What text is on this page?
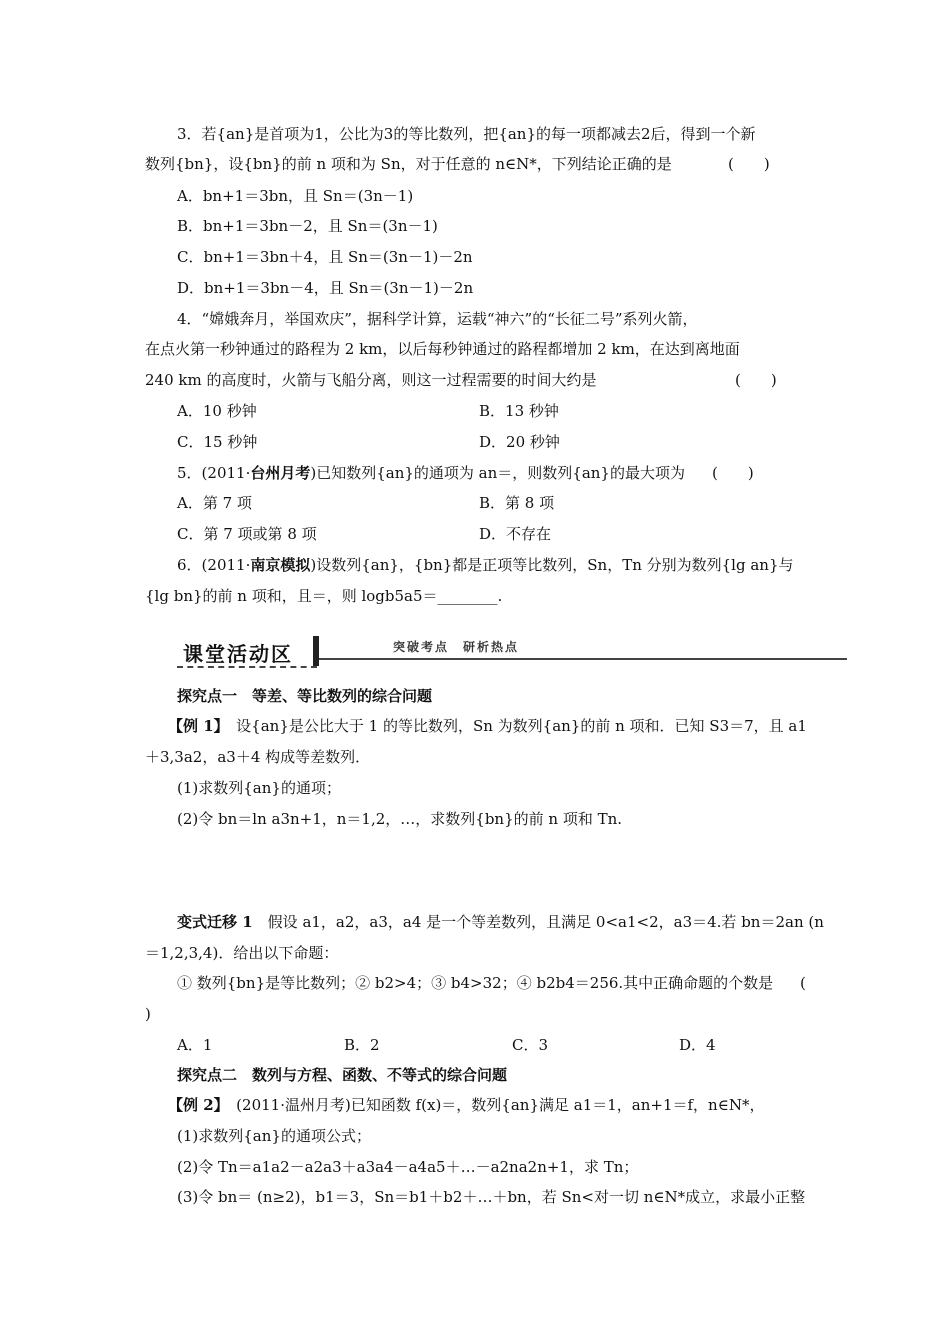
3．若{an}是首项为1，公比为3的等比数列，把{an}的每一项都减去2后，得到一个新
数列{bn}，设{bn}的前 n 项和为 Sn，对于任意的 n∈N*，下列结论正确的是	(　　)
A．bn+1＝3bn，且 Sn＝(3n－1)
B．bn+1＝3bn－2，且 Sn＝(3n－1)
C．bn+1＝3bn＋4，且 Sn＝(3n－1)－2n
D．bn+1＝3bn－4，且 Sn＝(3n－1)－2n
4．“嫦娥奔月，举国欢庆”，据科学计算，运载“神六”的“长征二号”系列火箭，
在点火第一秒钟通过的路程为 2 km，以后每秒钟通过的路程都增加 2 km，在达到离地面
240 km 的高度时，火箭与飞船分离，则这一过程需要的时间大约是	(　　)
A．10 秒钟	B．13 秒钟
C．15 秒钟	D．20 秒钟
5．(2011·台州月考)已知数列{an}的通项为 an＝，则数列{an}的最大项为 (　　)
A．第 7 项	B．第 8 项
C．第 7 项或第 8 项	D．不存在
6．(2011·南京模拟)设数列{an}，{bn}都是正项等比数列，Sn，Tn 分别为数列{lg an}与
{lg bn}的前 n 项和，且＝，则 logb5a5＝________.
课堂活动区	突破考点　研析热点
探究点一　等差、等比数列的综合问题
【例 1】　设{an}是公比大于 1 的等比数列，Sn 为数列{an}的前 n 项和．已知 S3＝7，且 a1
＋3,3a2，a3＋4 构成等差数列．
(1)求数列{an}的通项；
(2)令 bn＝ln a3n+1，n＝1,2，…，求数列{bn}的前 n 项和 Tn.
变式迁移 1　假设 a1，a2，a3，a4 是一个等差数列，且满足 0<a1<2，a3＝4.若 bn＝2an (n
＝1,2,3,4)．给出以下命题：
① 数列{bn}是等比数列；② b2>4；③ b4>32；④ b2b4＝256.其中正确命题的个数是 (
)
A．1	B．2	C．3	D．4
探究点二　数列与方程、函数、不等式的综合问题
【例 2】　(2011·温州月考)已知函数 f(x)＝，数列{an}满足 a1＝1，an+1＝f，n∈N*，
(1)求数列{an}的通项公式；
(2)令 Tn＝a1a2－a2a3＋a3a4－a4a5＋…－a2na2n+1，求 Tn；
(3)令 bn＝ (n≥2)，b1＝3，Sn＝b1＋b2＋…＋bn，若 Sn<对一切 n∈N*成立，求最小正整
